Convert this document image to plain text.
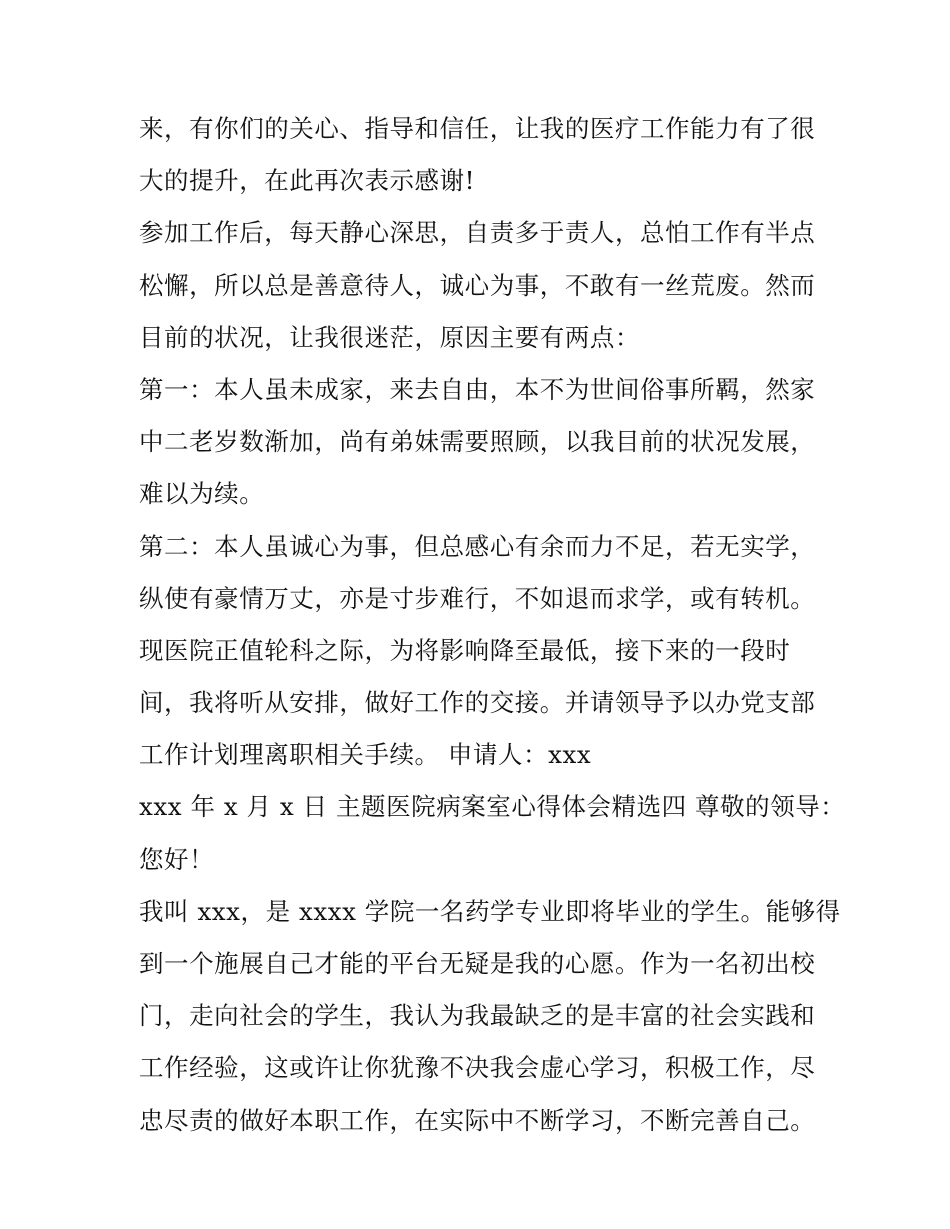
来，有你们的关心、指导和信任，让我的医疗工作能力有了很
大的提升，在此再次表示感谢!
参加工作后，每天静心深思，自责多于责人，总怕工作有半点
松懈，所以总是善意待人，诚心为事，不敢有一丝荒废。然而
目前的状况，让我很迷茫，原因主要有两点：
第一：本人虽未成家，来去自由，本不为世间俗事所羁，然家
中二老岁数渐加，尚有弟妹需要照顾，以我目前的状况发展，
难以为续。
第二：本人虽诚心为事，但总感心有余而力不足，若无实学，
纵使有豪情万丈，亦是寸步难行，不如退而求学，或有转机。
现医院正值轮科之际，为将影响降至最低，接下来的一段时
间，我将听从安排，做好工作的交接。并请领导予以办党支部
工作计划理离职相关手续。 申请人：xxx
xxx 年 x 月 x 日 主题医院病案室心得体会精选四 尊敬的领导：
您好！
我叫 xxx，是 xxxx 学院一名药学专业即将毕业的学生。能够得
到一个施展自己才能的平台无疑是我的心愿。作为一名初出校
门，走向社会的学生，我认为我最缺乏的是丰富的社会实践和
工作经验，这或许让你犹豫不决我会虚心学习，积极工作，尽
忠尽责的做好本职工作，在实际中不断学习，不断完善自己。
